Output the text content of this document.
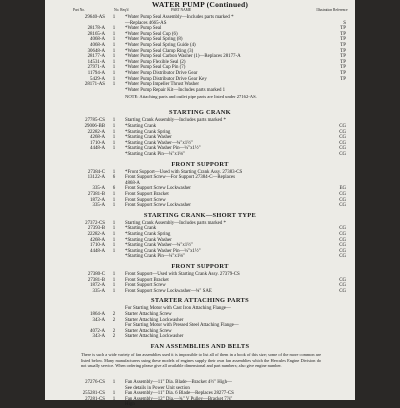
WATER PUMP (Continued)
Part No.	No. Req'd	PART NAME	Illustration Reference
29640-AS	1	*Water Pump Seal Assembly—Includes parts marked *
—Replaces 4665-AS	S
28178-A	1	*Water Pump Seal	TP
28165-A	1	*Water Pump Seal Cup (6)	TP
4068-A	1	*Water Pump Seal Spring (8)	TP
4068-A	1	*Water Pump Seal Spring Guide (4)	TP
30648-A	1	*Water Pump Seal Clamp Ring (3)	TP
28177-A	1	*Water Pump Seal Carbon Washer (1)—Replaces 28177-A	TP
14531-A	1	*Water Pump Flexible Seal (2)	TP
27971-A	1	*Water Pump Seal Cup Pin (7)	TP
11794-A	1	*Water Pump Distributor Drive Gear	TP
5429-A	1	*Water Pump Distributor Drive Gear Key	TP
28171-AS	1	*Water Pump Impeller Thrust Washer
*Water Pump Repair Kit—Includes parts marked 1
NOTE: Attaching parts and outlet pipe parts are listed under 27162-AS.
STARTING CRANK
27785-CS	1	Starting Crank Assembly—Includes parts marked *
29006-BB	1	*Starting Crank	CG
22282-A	1	*Starting Crank Spring	CG
4268-A	1	*Starting Crank Washer	CG
1710-A	1	*Starting Crank Washer—¾"x1½"	CG
4448-A	1	*Starting Crank Washer Pin—¼"x1½"	CG
*Starting Crank Pin—¼"x1⅛"	CG
FRONT SUPPORT
27384-C	1	*Front Support—Used with Starting Crank Assy. 27383-CS
13122-A	6	Front Support Screw—For Support 27384-C—Replaces
4868-A
335-A	6	Front Support Screw Lockwasher	EG
27381-B	1	Front Support Bracket	CG
1872-A	1	Front Support Screw	CG
335-A	1	Front Support Screw Lockwasher	CG
STARTING CRANK—SHORT TYPE
27372-CS	1	Starting Crank Assembly—Includes parts marked *
27393-B	1	*Starting Crank	CG
22282-A	1	*Starting Crank Spring	CG
4268-A	1	*Starting Crank Washer	CG
1710-A	1	*Starting Crank Washer—¾"x1½"	CG
4448-A	1	*Starting Crank Washer Pin—¼"x1½"	CG
*Starting Crank Pin—¼"x1⅛"	CG
FRONT SUPPORT
27380-C	1	Front Support—Used with Starting Crank Assy. 27379-CS
27381-B	1	Front Support Bracket	CG
1872-A	1	Front Support Screw	CG
335-A	1	Front Support Screw Lockwasher—¾" SAE	CG
STARTER ATTACHING PARTS
For Starting Motor with Cast Iron Attaching Flange—
1864-A	2	Starter Attaching Screw
343-A	2	Starter Attaching Lockwasher
For Starting Motor with Pressed Steel Attaching Flange—
4072-A	2	Starter Attaching Screw
343-A	2	Starter Attaching Lockwasher
FAN ASSEMBLIES AND BELTS
There is such a wide variety of fan assemblies used it is impossible to list all of them in a book of this size; some of the more common are listed below. Many manufacturers using these models of engines supply their own fan assemblies which the Hercules Engine Division do not usually service. When ordering please give all available dimensional and part numbers; also give engine number.
27276-CS	1	Fan Assembly—11" Dia. Blade—Bracket 4½" High—
See details in Power Unit section
255281-CS	1	Fan Assembly—11" Dia. 6 Blade—Replaces 28277-CS
27281-CS	1	Fan Assembly—12" Dia.—¾" V Pulley—Bracket 7⅞"
High
